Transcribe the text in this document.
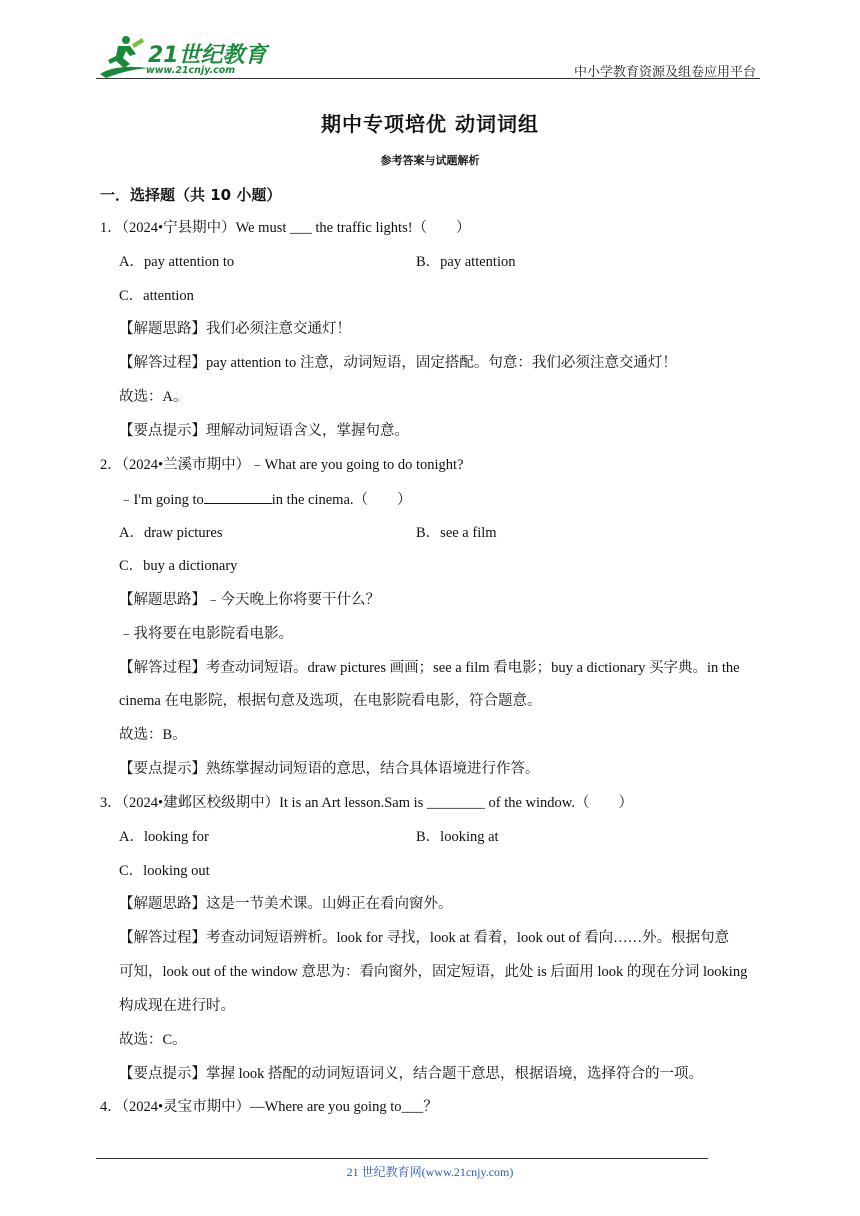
21世纪教育
www.21cnjy.com	中小学教育资源及组卷应用平台
期中专项培优 动词词组
参考答案与试题解析
一．选择题（共 10 小题）
1．（2024•宁县期中）We must ___ the traffic lights!（　　）
A．pay attention to	B．pay attention
C．attention
【解题思路】我们必须注意交通灯！
【解答过程】pay attention to 注意，动词短语，固定搭配。句意：我们必须注意交通灯！
故选：A。
【要点提示】理解动词短语含义，掌握句意。
2．（2024•兰溪市期中）﹣What are you going to do tonight?
﹣I'm going to	in the cinema.（　　）
A．draw pictures	B．see a film
C．buy a dictionary
【解题思路】﹣今天晚上你将要干什么？
﹣我将要在电影院看电影。
【解答过程】考查动词短语。draw pictures 画画；see a film 看电影；buy a dictionary 买字典。in the
cinema 在电影院，根据句意及选项，在电影院看电影，符合题意。
故选：B。
【要点提示】熟练掌握动词短语的意思，结合具体语境进行作答。
3．（2024•建邺区校级期中）It is an Art lesson.Sam is ________ of the window.（　　）
A．looking for	B．looking at
C．looking out
【解题思路】这是一节美术课。山姆正在看向窗外。
【解答过程】考查动词短语辨析。look for 寻找，look at 看着，look out of 看向……外。根据句意
可知，look out of the window 意思为：看向窗外，固定短语，此处 is 后面用 look 的现在分词 looking
构成现在进行时。
故选：C。
【要点提示】掌握 look 搭配的动词短语词义，结合题干意思，根据语境，选择符合的一项。
4．（2024•灵宝市期中）—Where are you going to___？
21 世纪教育网(www.21cnjy.com)
